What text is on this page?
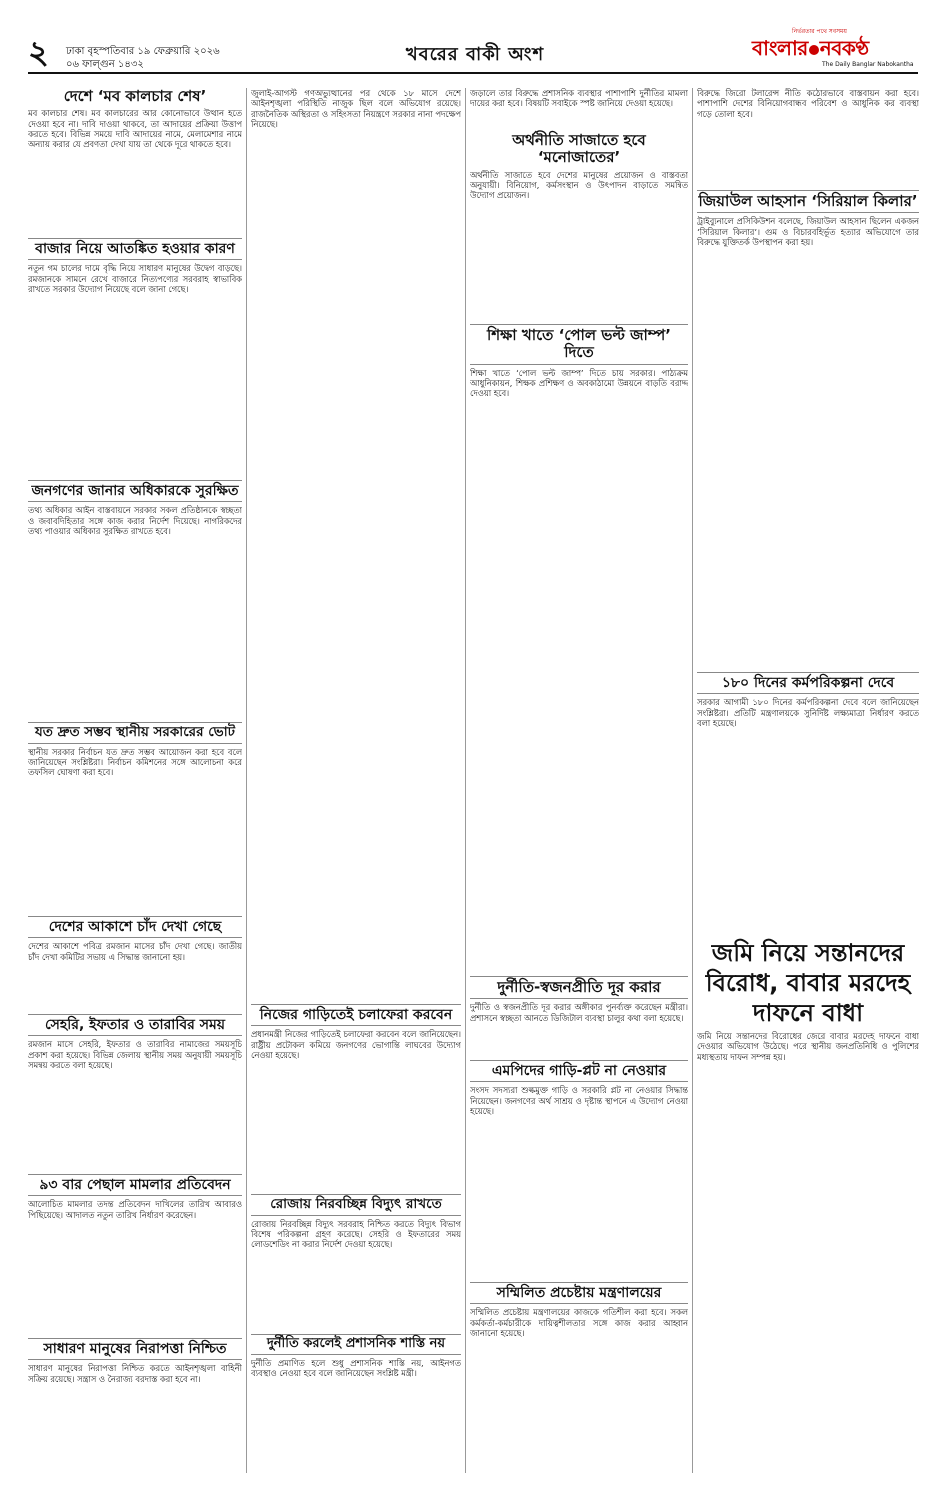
২ ঢাকা বৃহস্পতিবার ১৯ ফেব্রুয়ারি ২০২৬
০৬ ফাল্গুন ১৪৩২	খবরের বাকী অংশ
নির্ভরতার পথে সবসময়
বাংলার নবকণ্ঠ
The Daily Banglar Nabokantha
দেশে ‘মব কালচার শেষ’

মব কালচার শেষ। মব কালচারের আর কোনোভাবে উত্থান হতে দেওয়া হবে না। দাবি দাওয়া থাকবে, তা আদায়ের প্রক্রিয়া উত্তাপ করতে হবে। বিভিন্ন সময়ে দাবি আদায়ের নামে, মেলামেশার নামে অন্যায় করার যে প্রবণতা দেখা যায় তা থেকে দূরে থাকতে হবে।

বাজার নিয়ে আতঙ্কিত হওয়ার কারণ

নতুন গম চালের দামে বৃদ্ধি নিয়ে সাধারণ মানুষের উদ্বেগ বাড়ছে। রমজানকে সামনে রেখে বাজারে নিত্যপণ্যের সরবরাহ স্বাভাবিক রাখতে সরকার উদ্যোগ নিয়েছে বলে জানা গেছে।

জনগণের জানার অধিকারকে সুরক্ষিত

তথ্য অধিকার আইন বাস্তবায়নে সরকার সকল প্রতিষ্ঠানকে স্বচ্ছতা ও জবাবদিহিতার সঙ্গে কাজ করার নির্দেশ দিয়েছে। নাগরিকদের তথ্য পাওয়ার অধিকার সুরক্ষিত রাখতে হবে।

যত দ্রুত সম্ভব স্থানীয় সরকারের ভোট

স্থানীয় সরকার নির্বাচন যত দ্রুত সম্ভব আয়োজন করা হবে বলে জানিয়েছেন সংশ্লিষ্টরা। নির্বাচন কমিশনের সঙ্গে আলোচনা করে তফসিল ঘোষণা করা হবে।

দেশের আকাশে চাঁদ দেখা গেছে

দেশের আকাশে পবিত্র রমজান মাসের চাঁদ দেখা গেছে। জাতীয় চাঁদ দেখা কমিটির সভায় এ সিদ্ধান্ত জানানো হয়।

সেহরি, ইফতার ও তারাবির সময়

রমজান মাসে সেহরি, ইফতার ও তারাবির নামাজের সময়সূচি প্রকাশ করা হয়েছে। বিভিন্ন জেলায় স্থানীয় সময় অনুযায়ী সময়সূচি সমন্বয় করতে বলা হয়েছে।

৯৩ বার পেছাল মামলার প্রতিবেদন

আলোচিত মামলার তদন্ত প্রতিবেদন দাখিলের তারিখ আবারও পিছিয়েছে। আদালত নতুন তারিখ নির্ধারণ করেছেন।

সাধারণ মানুষের নিরাপত্তা নিশ্চিত

সাধারণ মানুষের নিরাপত্তা নিশ্চিত করতে আইনশৃঙ্খলা বাহিনী সক্রিয় রয়েছে। সন্ত্রাস ও নৈরাজ্য বরদাস্ত করা হবে না।

জুলাই-আগস্ট গণঅভ্যুত্থানের পর থেকে ১৮ মাসে দেশে আইনশৃঙ্খলা পরিস্থিতি নাজুক ছিল বলে অভিযোগ রয়েছে। রাজনৈতিক অস্থিরতা ও সহিংসতা নিয়ন্ত্রণে সরকার নানা পদক্ষেপ নিয়েছে।

নিজের গাড়িতেই চলাফেরা করবেন

প্রধানমন্ত্রী নিজের গাড়িতেই চলাফেরা করবেন বলে জানিয়েছেন। রাষ্ট্রীয় প্রটোকল কমিয়ে জনগণের ভোগান্তি লাঘবের উদ্যোগ নেওয়া হয়েছে।

রোজায় নিরবচ্ছিন্ন বিদ্যুৎ রাখতে

রোজায় নিরবচ্ছিন্ন বিদ্যুৎ সরবরাহ নিশ্চিত করতে বিদ্যুৎ বিভাগ বিশেষ পরিকল্পনা গ্রহণ করেছে। সেহরি ও ইফতারের সময় লোডশেডিং না করার নির্দেশ দেওয়া হয়েছে।

দুর্নীতি করলেই প্রশাসনিক শাস্তি নয়

দুর্নীতি প্রমাণিত হলে শুধু প্রশাসনিক শাস্তি নয়, আইনগত ব্যবস্থাও নেওয়া হবে বলে জানিয়েছেন সংশ্লিষ্ট মন্ত্রী।

জড়ালে তার বিরুদ্ধে প্রশাসনিক ব্যবস্থার পাশাপাশি দুর্নীতির মামলা দায়ের করা হবে। বিষয়টি সবাইকে স্পষ্ট জানিয়ে দেওয়া হয়েছে।

অর্থনীতি সাজাতে হবে ‘মনোজাতের’

অর্থনীতি সাজাতে হবে দেশের মানুষের প্রয়োজন ও বাস্তবতা অনুযায়ী। বিনিয়োগ, কর্মসংস্থান ও উৎপাদন বাড়াতে সমন্বিত উদ্যোগ প্রয়োজন।

শিক্ষা খাতে ‘পোল ভল্ট জাম্প’ দিতে

শিক্ষা খাতে ‘পোল ভল্ট জাম্প’ দিতে চায় সরকার। পাঠ্যক্রম আধুনিকায়ন, শিক্ষক প্রশিক্ষণ ও অবকাঠামো উন্নয়নে বাড়তি বরাদ্দ দেওয়া হবে।

দুর্নীতি-স্বজনপ্রীতি দূর করার

দুর্নীতি ও স্বজনপ্রীতি দূর করার অঙ্গীকার পুনর্ব্যক্ত করেছেন মন্ত্রীরা। প্রশাসনে স্বচ্ছতা আনতে ডিজিটাল ব্যবস্থা চালুর কথা বলা হয়েছে।

এমপিদের গাড়ি-প্লট না নেওয়ার

সংসদ সদস্যরা শুল্কমুক্ত গাড়ি ও সরকারি প্লট না নেওয়ার সিদ্ধান্ত নিয়েছেন। জনগণের অর্থ সাশ্রয় ও দৃষ্টান্ত স্থাপনে এ উদ্যোগ নেওয়া হয়েছে।

সম্মিলিত প্রচেষ্টায় মন্ত্রণালয়ের

সম্মিলিত প্রচেষ্টায় মন্ত্রণালয়ের কাজকে গতিশীল করা হবে। সকল কর্মকর্তা-কর্মচারীকে দায়িত্বশীলতার সঙ্গে কাজ করার আহ্বান জানানো হয়েছে।

বিরুদ্ধে জিরো টলারেন্স নীতি কঠোরভাবে বাস্তবায়ন করা হবে। পাশাপাশি দেশের বিনিয়োগবান্ধব পরিবেশ ও আধুনিক কর ব্যবস্থা গড়ে তোলা হবে।

জিয়াউল আহসান ‘সিরিয়াল কিলার’

ট্রাইব্যুনালে প্রসিকিউশন বলেছে, জিয়াউল আহসান ছিলেন একজন ‘সিরিয়াল কিলার’। গুম ও বিচারবহির্ভূত হত্যার অভিযোগে তার বিরুদ্ধে যুক্তিতর্ক উপস্থাপন করা হয়।

১৮০ দিনের কর্মপরিকল্পনা দেবে

সরকার আগামী ১৮০ দিনের কর্মপরিকল্পনা দেবে বলে জানিয়েছেন সংশ্লিষ্টরা। প্রতিটি মন্ত্রণালয়কে সুনির্দিষ্ট লক্ষ্যমাত্রা নির্ধারণ করতে বলা হয়েছে।

জমি নিয়ে সন্তানদের বিরোধ, বাবার মরদেহ দাফনে বাধা

জমি নিয়ে সন্তানদের বিরোধের জেরে বাবার মরদেহ দাফনে বাধা দেওয়ার অভিযোগ উঠেছে। পরে স্থানীয় জনপ্রতিনিধি ও পুলিশের মধ্যস্থতায় দাফন সম্পন্ন হয়।
